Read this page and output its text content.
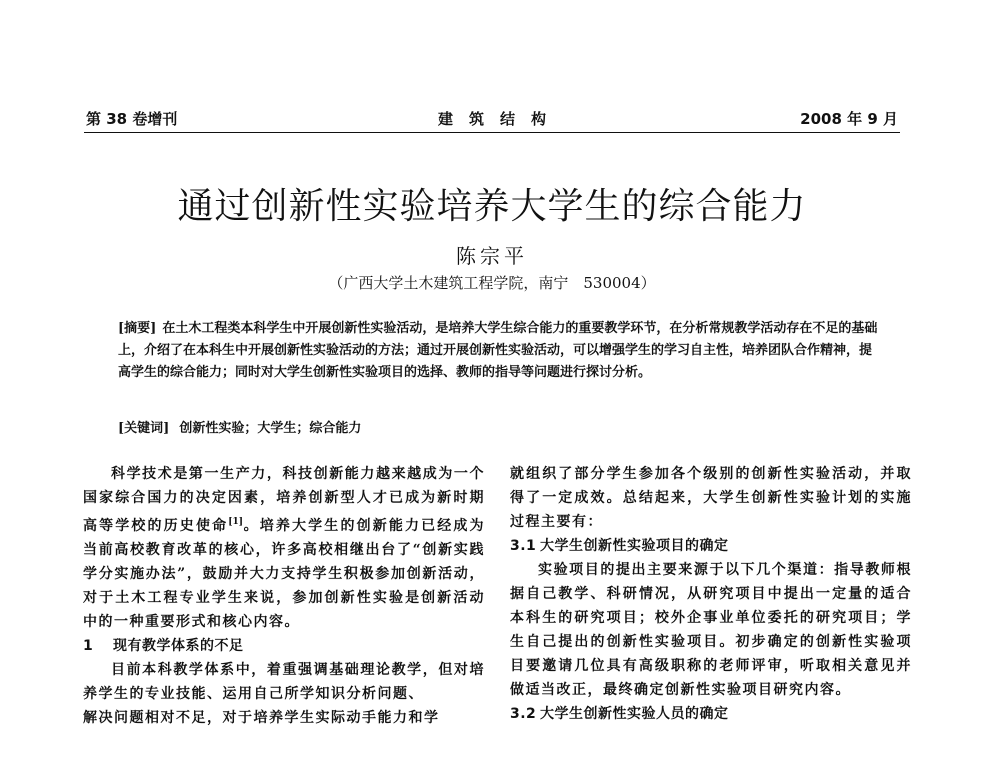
第 38 卷增刊	建筑结构	2008 年 9 月
通过创新性实验培养大学生的综合能力
陈宗平
（广西大学土木建筑工程学院，南宁　530004）
[摘要] 在土木工程类本科学生中开展创新性实验活动，是培养大学生综合能力的重要教学环节，在分析常规教学活动存在不足的基础上，介绍了在本科生中开展创新性实验活动的方法；通过开展创新性实验活动，可以增强学生的学习自主性，培养团队合作精神，提高学生的综合能力；同时对大学生创新性实验项目的选择、教师的指导等问题进行探讨分析。
[关键词] 创新性实验；大学生；综合能力

科学技术是第一生产力，科技创新能力越来越成为一个国家综合国力的决定因素，培养创新型人才已成为新时期高等学校的历史使命[1]。培养大学生的创新能力已经成为当前高校教育改革的核心，许多高校相继出台了“创新实践学分实施办法”，鼓励并大力支持学生积极参加创新活动，对于土木工程专业学生来说，参加创新性实验是创新活动中的一种重要形式和核心内容。

1 现有教学体系的不足

目前本科教学体系中，着重强调基础理论教学，但对培养学生的专业技能、运用自己所学知识分析问题、

解决问题相对不足，对于培养学生实际动手能力和学

就组织了部分学生参加各个级别的创新性实验活动，并取得了一定成效。总结起来，大学生创新性实验计划的实施过程主要有：

3.1 大学生创新性实验项目的确定

实验项目的提出主要来源于以下几个渠道：指导教师根据自己教学、科研情况，从研究项目中提出一定量的适合本科生的研究项目；校外企事业单位委托的研究项目；学生自己提出的创新性实验项目。初步确定的创新性实验项目要邀请几位具有高级职称的老师评审，听取相关意见并做适当改正，最终确定创新性实验项目研究内容。

3.2 大学生创新性实验人员的确定
